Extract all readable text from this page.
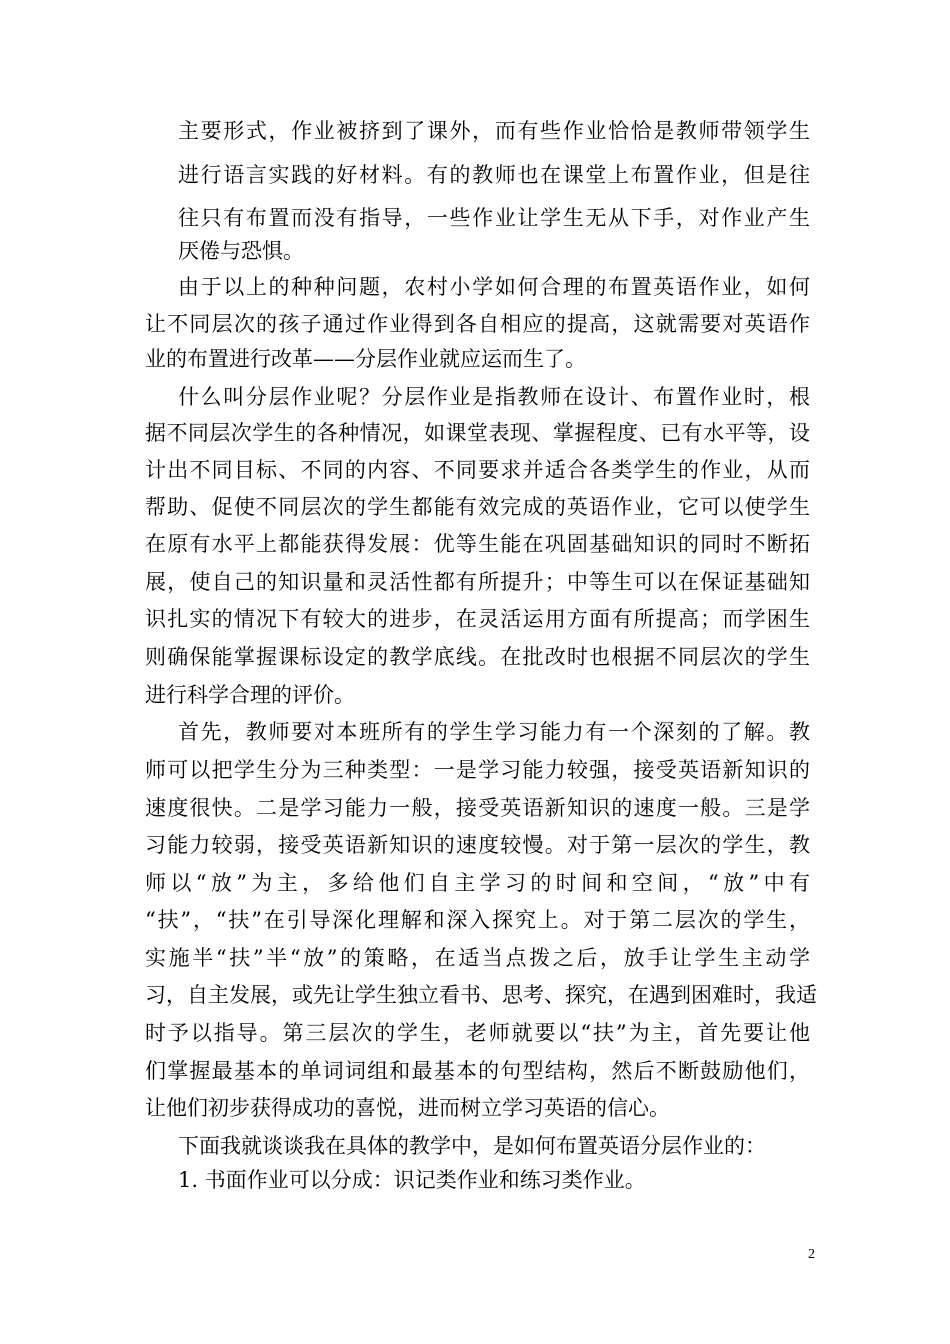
主要形式，作业被挤到了课外，而有些作业恰恰是教师带领学生
进行语言实践的好材料。有的教师也在课堂上布置作业，但是往
往只有布置而没有指导，一些作业让学生无从下手，对作业产生
厌倦与恐惧。
由于以上的种种问题，农村小学如何合理的布置英语作业，如何
让不同层次的孩子通过作业得到各自相应的提高，这就需要对英语作
业的布置进行改革——分层作业就应运而生了。
什么叫分层作业呢？分层作业是指教师在设计、布置作业时，根
据不同层次学生的各种情况，如课堂表现、掌握程度、已有水平等，设
计出不同目标、不同的内容、不同要求并适合各类学生的作业，从而
帮助、促使不同层次的学生都能有效完成的英语作业，它可以使学生
在原有水平上都能获得发展：优等生能在巩固基础知识的同时不断拓
展，使自己的知识量和灵活性都有所提升；中等生可以在保证基础知
识扎实的情况下有较大的进步，在灵活运用方面有所提高；而学困生
则确保能掌握课标设定的教学底线。在批改时也根据不同层次的学生
进行科学合理的评价。
首先，教师要对本班所有的学生学习能力有一个深刻的了解。教
师可以把学生分为三种类型：一是学习能力较强，接受英语新知识的
速度很快。二是学习能力一般，接受英语新知识的速度一般。三是学
习能力较弱，接受英语新知识的速度较慢。对于第一层次的学生，教
师以“放”为主，多给他们自主学习的时间和空间，“放”中有
“扶”，“扶”在引导深化理解和深入探究上。对于第二层次的学生，
实施半“扶”半“放”的策略，在适当点拨之后，放手让学生主动学
习，自主发展，或先让学生独立看书、思考、探究，在遇到困难时，我适
时予以指导。第三层次的学生，老师就要以“扶”为主，首先要让他
们掌握最基本的单词词组和最基本的句型结构，然后不断鼓励他们，
让他们初步获得成功的喜悦，进而树立学习英语的信心。
下面我就谈谈我在具体的教学中，是如何布置英语分层作业的：
1. 书面作业可以分成：识记类作业和练习类作业。
2
